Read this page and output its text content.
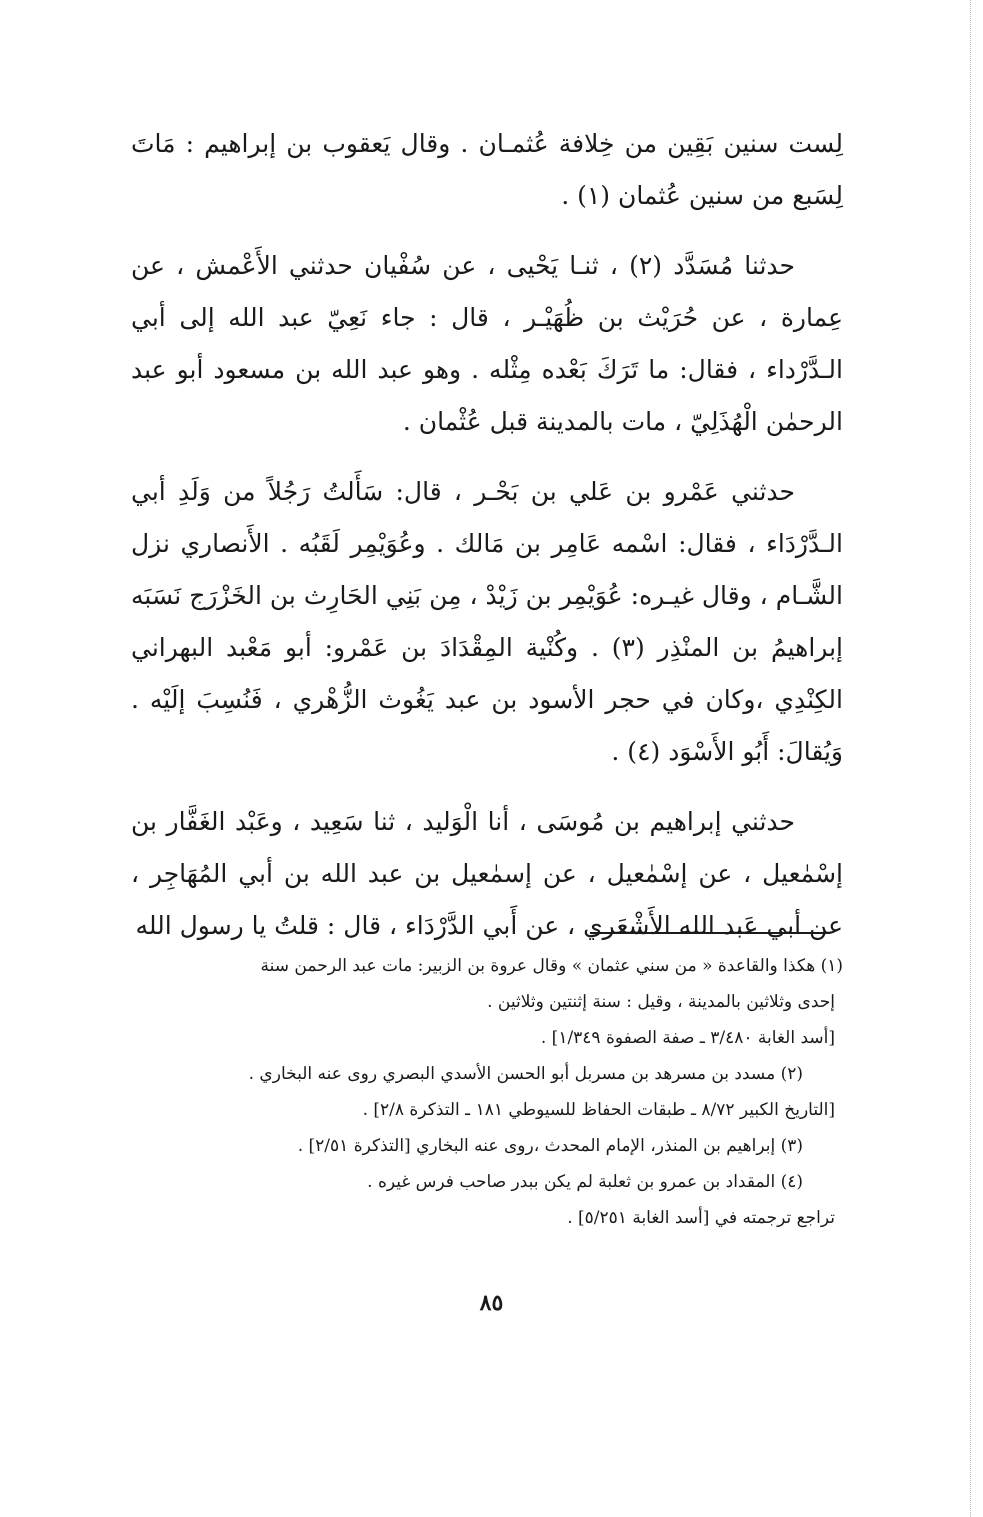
لِست سنين بَقِين من خِلافة عُثمـان . وقال يَعقوب بن إبراهيم : مَاتَ لِسَبع من سنين عُثمان (١) .

حدثنا مُسَدَّد (٢) ، ثنـا يَحْيى ، عن سُفْيان حدثني الأَعْمش ، عن عِمارة ، عن حُرَيْث بن ظُهَيْـر ، قال : جاء نَعِيّ عبد الله إلى أبي الـدَّرْداء ، فقال: ما تَرَكَ بَعْده مِثْله . وهو عبد الله بن مسعود أبو عبد الرحمٰن الْهُذَلِيّ ، مات بالمدينة قبل عُثْمان .

حدثني عَمْرو بن عَلي بن بَحْـر ، قال: سَأَلتُ رَجُلاً من وَلَدِ أبي الـدَّرْدَاء ، فقال: اسْمه عَامِر بن مَالك . وعُوَيْمِر لَقَبُه . الأَنصاري نزل الشَّـام ، وقال غيـره: عُوَيْمِر بن زَيْدْ ، مِن بَنِي الحَارِث بن الخَزْرَج نَسَبَه إبراهيمُ بن المنْذِر (٣) . وكُنْية المِقْدَادَ بن عَمْرو: أبو مَعْبد البهراني الكِنْدِي ،وكان في حجر الأسود بن عبد يَغُوث الزُّهْري ، فَنُسِبَ إلَيْه . وَيُقالَ: أَبُو الأَسْوَد (٤) .

حدثني إبراهيم بن مُوسَى ، أنا الْوَليد ، ثنا سَعِيد ، وعَبْد الغَفَّار بن إسْمٰعيل ، عن إسْمٰعيل ، عن إسمٰعيل بن عبد الله بن أبي المُهَاجِر ، عن أبي عَبد الله الأَشْعَري ، عن أَبي الدَّرْدَاء ، قال : قلتُ يا رسول الله

(١) هكذا والقاعدة « من سني عثمان » وقال عروة بن الزبير: مات عبد الرحمن سنة

إحدى وثلاثين بالمدينة ، وقيل : سنة إثنتين وثلاثين .

[أسد الغابة ٣/٤٨٠ ـ صفة الصفوة ١/٣٤٩] .

(٢) مسدد بن مسرهد بن مسربل أبو الحسن الأسدي البصري روى عنه البخاري .

[التاريخ الكبير ٨/٧٢ ـ طبقات الحفاظ للسيوطي ١٨١ ـ التذكرة ٢/٨] .

(٣) إبراهيم بن المنذر، الإمام المحدث ،روى عنه البخاري [التذكرة ٢/٥١] .

(٤) المقداد بن عمرو بن ثعلبة لم يكن ببدر صاحب فرس غيره .

تراجع ترجمته في [أسد الغابة ٥/٢٥١] .

٨٥
